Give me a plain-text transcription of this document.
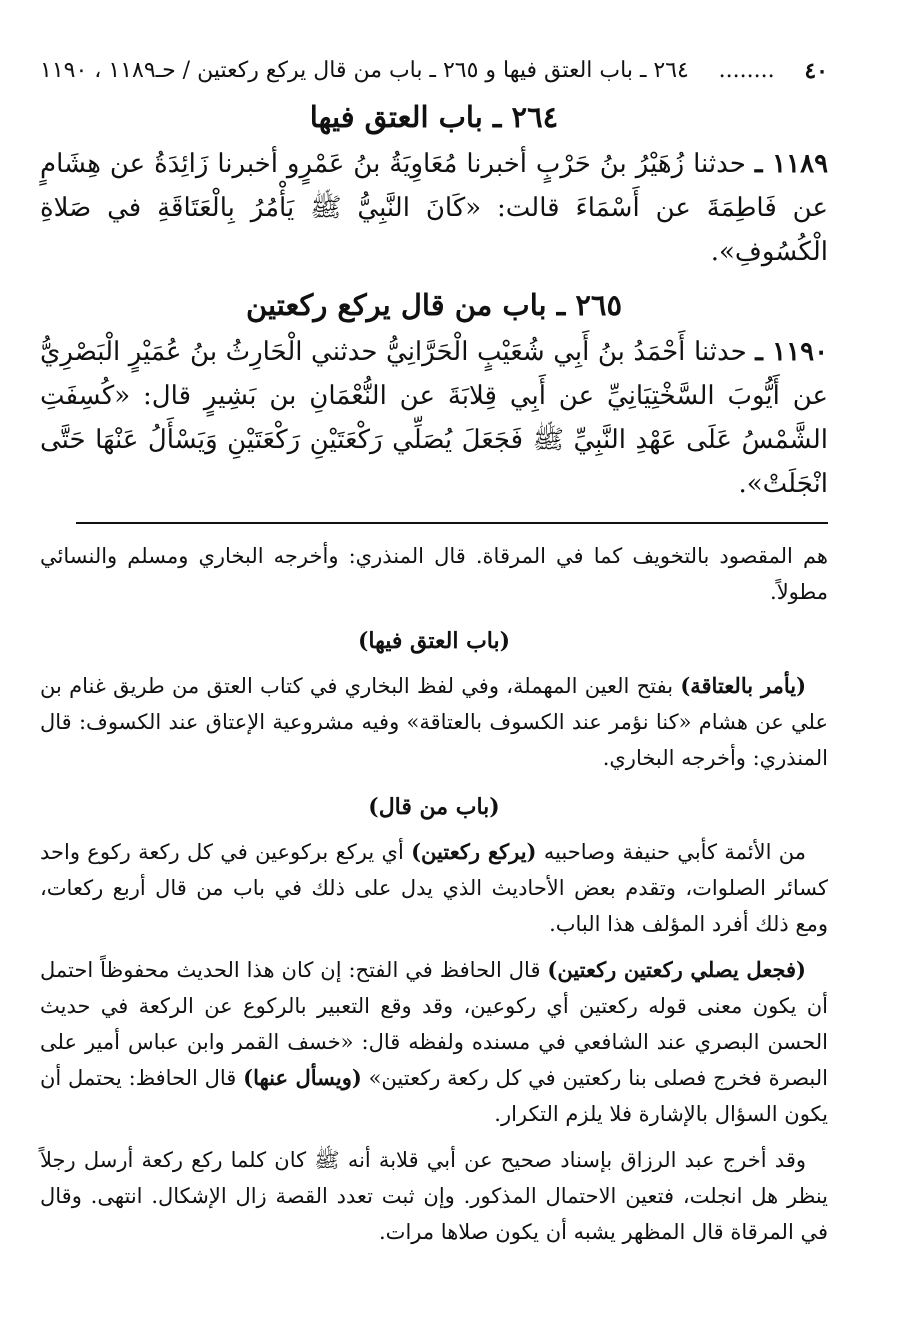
٤٠
........
٢٦٤ ـ باب العتق فيها و ٢٦٥ ـ باب من قال يركع ركعتين / حـ١١٨٩ ، ١١٩٠
٢٦٤ ـ باب العتق فيها

١١٨٩ ـ حدثنا زُهَيْرُ بنُ حَرْبٍ أخبرنا مُعَاوِيَةُ بنُ عَمْرٍو أخبرنا زَائِدَةُ عن هِشَامٍ عن فَاطِمَةَ عن أَسْمَاءَ قالت: «كَانَ النَّبِيُّ ﷺ يَأْمُرُ بِالْعَتَاقَةِ في صَلاةِ الْكُسُوفِ».

٢٦٥ ـ باب من قال يركع ركعتين

١١٩٠ ـ حدثنا أَحْمَدُ بنُ أَبِي شُعَيْبٍ الْحَرَّانِيُّ حدثني الْحَارِثُ بنُ عُمَيْرٍ الْبَصْرِيُّ عن أَيُّوبَ السَّخْتِيَانِيِّ عن أَبِي قِلابَةَ عن النُّعْمَانِ بن بَشِيرٍ قال: «كُسِفَتِ الشَّمْسُ عَلَى عَهْدِ النَّبِيِّ ﷺ فَجَعَلَ يُصَلِّي رَكْعَتَيْنِ رَكْعَتَيْنِ وَيَسْأَلُ عَنْهَا حَتَّى انْجَلَتْ».

هم المقصود بالتخويف كما في المرقاة. قال المنذري: وأخرجه البخاري ومسلم والنسائي مطولاً.

(باب العتق فيها)

(يأمر بالعتاقة) بفتح العين المهملة، وفي لفظ البخاري في كتاب العتق من طريق غنام بن علي عن هشام «كنا نؤمر عند الكسوف بالعتاقة» وفيه مشروعية الإعتاق عند الكسوف: قال المنذري: وأخرجه البخاري.

(باب من قال)

من الأئمة كأبي حنيفة وصاحبيه (يركع ركعتين) أي يركع بركوعين في كل ركعة ركوع واحد كسائر الصلوات، وتقدم بعض الأحاديث الذي يدل على ذلك في باب من قال أربع ركعات، ومع ذلك أفرد المؤلف هذا الباب.

(فجعل يصلي ركعتين ركعتين) قال الحافظ في الفتح: إن كان هذا الحديث محفوظاً احتمل أن يكون معنى قوله ركعتين أي ركوعين، وقد وقع التعبير بالركوع عن الركعة في حديث الحسن البصري عند الشافعي في مسنده ولفظه قال: «خسف القمر وابن عباس أمير على البصرة فخرج فصلى بنا ركعتين في كل ركعة ركعتين» (ويسأل عنها) قال الحافظ: يحتمل أن يكون السؤال بالإشارة فلا يلزم التكرار.

وقد أخرج عبد الرزاق بإسناد صحيح عن أبي قلابة أنه ﷺ كان كلما ركع ركعة أرسل رجلاً ينظر هل انجلت، فتعين الاحتمال المذكور. وإن ثبت تعدد القصة زال الإشكال. انتهى. وقال في المرقاة قال المظهر يشبه أن يكون صلاها مرات.
